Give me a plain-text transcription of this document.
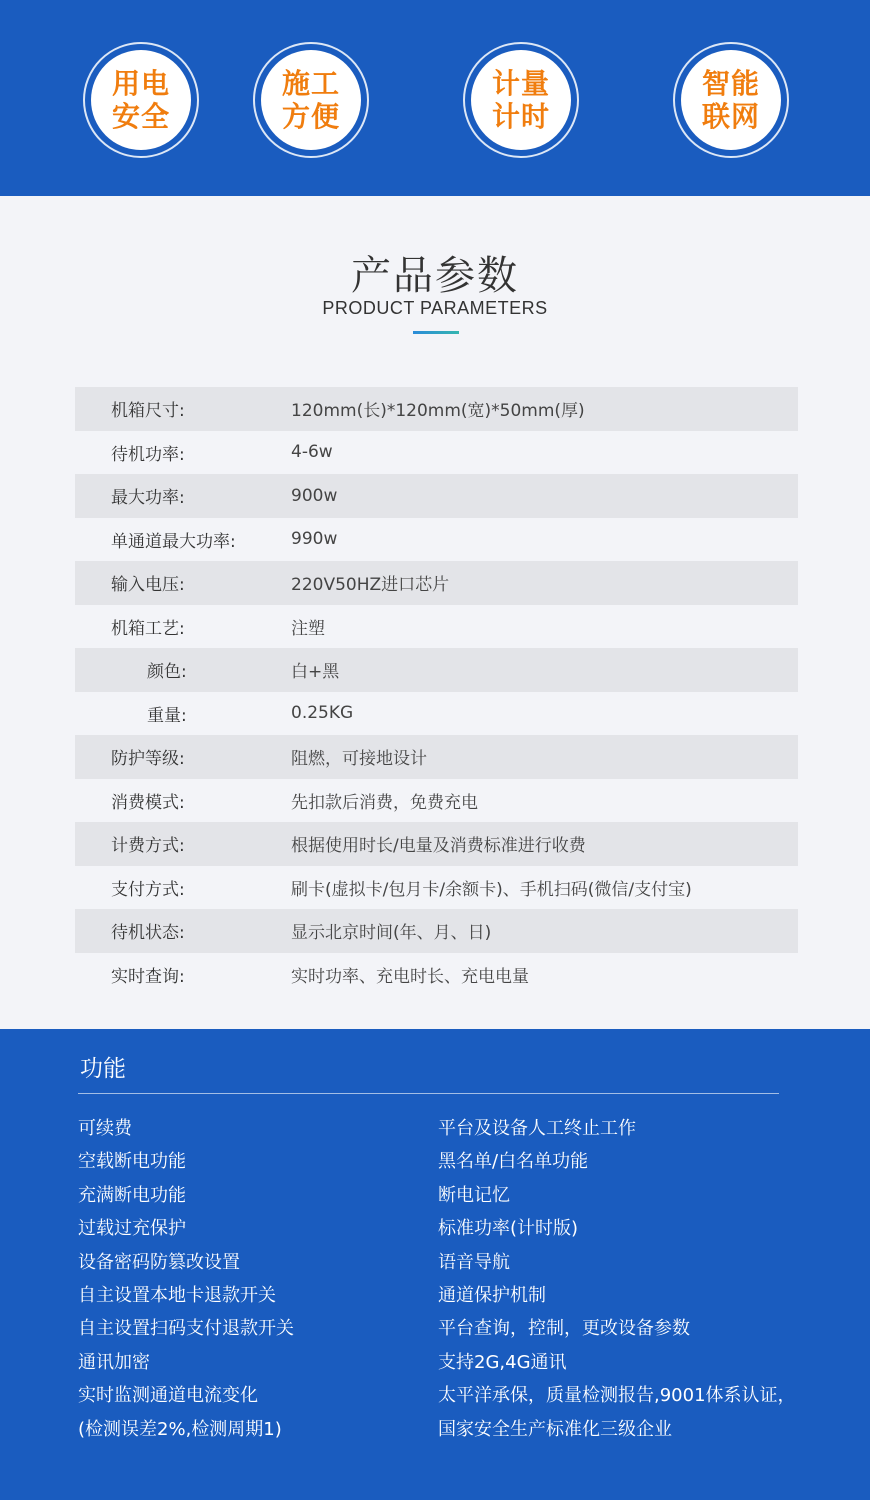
用电
安全
施工
方便
计量
计时
智能
联网
产品参数
PRODUCT PARAMETERS
机箱尺寸:	120mm(长)*120mm(宽)*50mm(厚)
待机功率:	4-6w
最大功率:	900w
单通道最大功率:	990w
输入电压:	220V50HZ进口芯片
机箱工艺:	注塑
颜色:	白+黑
重量:	0.25KG
防护等级:	阻燃，可接地设计
消费模式:	先扣款后消费，免费充电
计费方式:	根据使用时长/电量及消费标准进行收费
支付方式:	刷卡(虚拟卡/包月卡/余额卡)、手机扫码(微信/支付宝)
待机状态:	显示北京时间(年、月、日)
实时查询:	实时功率、充电时长、充电电量
功能
可续费
空载断电功能
充满断电功能
过载过充保护
设备密码防篡改设置
自主设置本地卡退款开关
自主设置扫码支付退款开关
通讯加密
实时监测通道电流变化
(检测误差2%,检测周期1)
平台及设备人工终止工作
黑名单/白名单功能
断电记忆
标准功率(计时版)
语音导航
通道保护机制
平台查询，控制，更改设备参数
支持2G,4G通讯
太平洋承保，质量检测报告,9001体系认证，
国家安全生产标准化三级企业
